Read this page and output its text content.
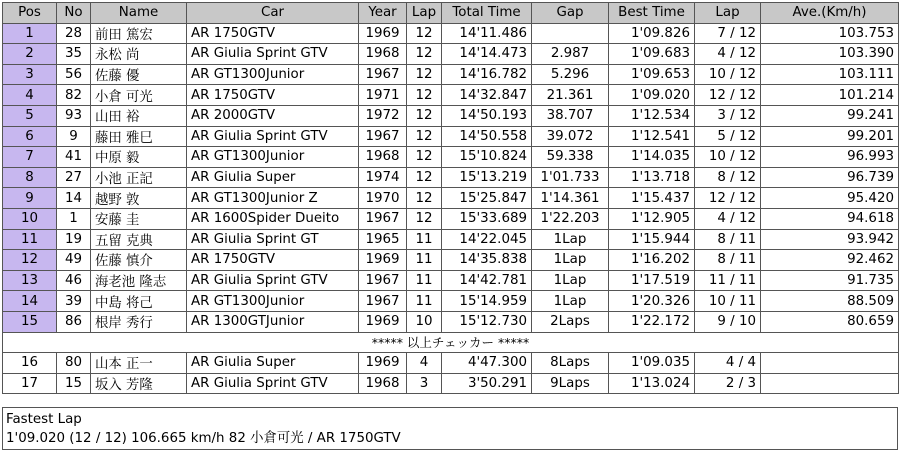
Pos	No	Name	Car	Year	Lap	Total Time	Gap	Best Time	Lap	Ave.(Km/h)
1	28	前田 篤宏	AR 1750GTV	1969	12	14'11.486		1'09.826	7 / 12	103.753
2	35	永松 尚	AR Giulia Sprint GTV	1968	12	14'14.473	2.987	1'09.683	4 / 12	103.390
3	56	佐藤 優	AR GT1300Junior	1967	12	14'16.782	5.296	1'09.653	10 / 12	103.111
4	82	小倉 可光	AR 1750GTV	1971	12	14'32.847	21.361	1'09.020	12 / 12	101.214
5	93	山田 裕	AR 2000GTV	1972	12	14'50.193	38.707	1'12.534	3 / 12	99.241
6	9	藤田 雅巳	AR Giulia Sprint GTV	1967	12	14'50.558	39.072	1'12.541	5 / 12	99.201
7	41	中原 毅	AR GT1300Junior	1968	12	15'10.824	59.338	1'14.035	10 / 12	96.993
8	27	小池 正記	AR Giulia Super	1974	12	15'13.219	1'01.733	1'13.718	8 / 12	96.739
9	14	越野 敦	AR GT1300Junior Z	1970	12	15'25.847	1'14.361	1'15.437	12 / 12	95.420
10	1	安藤 圭	AR 1600Spider Dueito	1967	12	15'33.689	1'22.203	1'12.905	4 / 12	94.618
11	19	五留 克典	AR Giulia Sprint GT	1965	11	14'22.045	1Lap	1'15.944	8 / 11	93.942
12	49	佐藤 慎介	AR 1750GTV	1969	11	14'35.838	1Lap	1'16.202	8 / 11	92.462
13	46	海老池 隆志	AR Giulia Sprint GTV	1967	11	14'42.781	1Lap	1'17.519	11 / 11	91.735
14	39	中島 将己	AR GT1300Junior	1967	11	15'14.959	1Lap	1'20.326	10 / 11	88.509
15	86	根岸 秀行	AR 1300GTJunior	1969	10	15'12.730	2Laps	1'22.172	9 / 10	80.659
***** 以上チェッカー *****										
16	80	山本 正一	AR Giulia Super	1969	4	4'47.300	8Laps	1'09.035	4 / 4	
17	15	坂入 芳隆	AR Giulia Sprint GTV	1968	3	3'50.291	9Laps	1'13.024	2 / 3	
Fastest Lap
1'09.020 (12 / 12) 106.665 km/h 82 小倉可光 / AR 1750GTV
